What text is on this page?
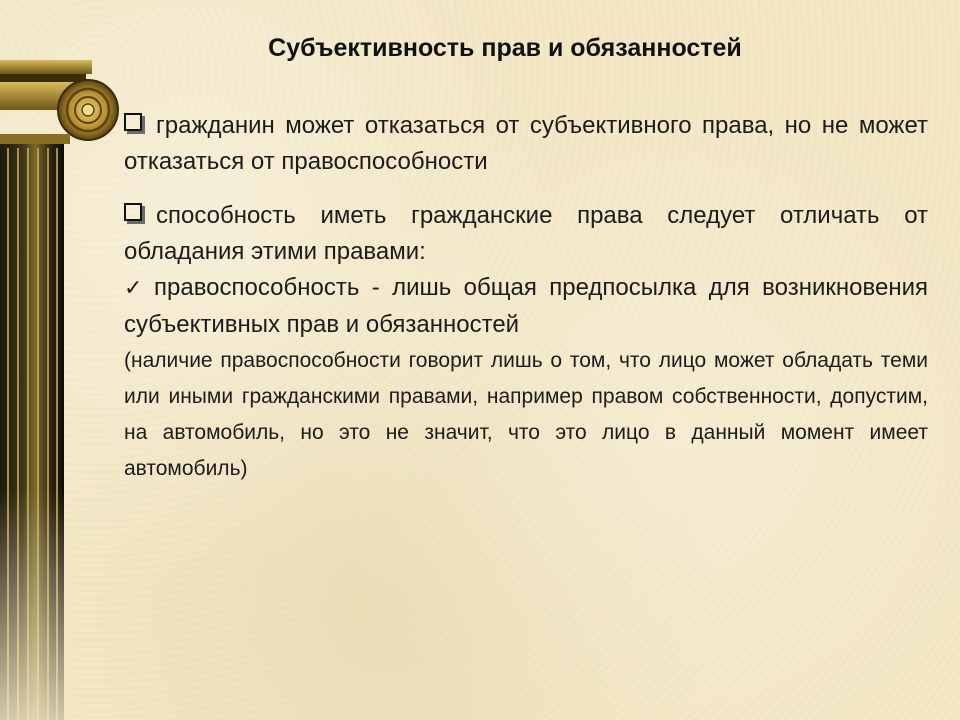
Субъективность прав и обязанностей

гражданин может отказаться от субъективного права, но не может отказаться от правоспособности

способность иметь гражданские права следует отличать от обладания этими правами:

✓ правоспособность - лишь общая предпосылка для возникновения субъективных прав и обязанностей

(наличие правоспособности говорит лишь о том, что лицо может обладать теми или иными гражданскими правами, например правом собственности, допустим, на автомобиль, но это не значит, что это лицо в данный момент имеет автомобиль)
